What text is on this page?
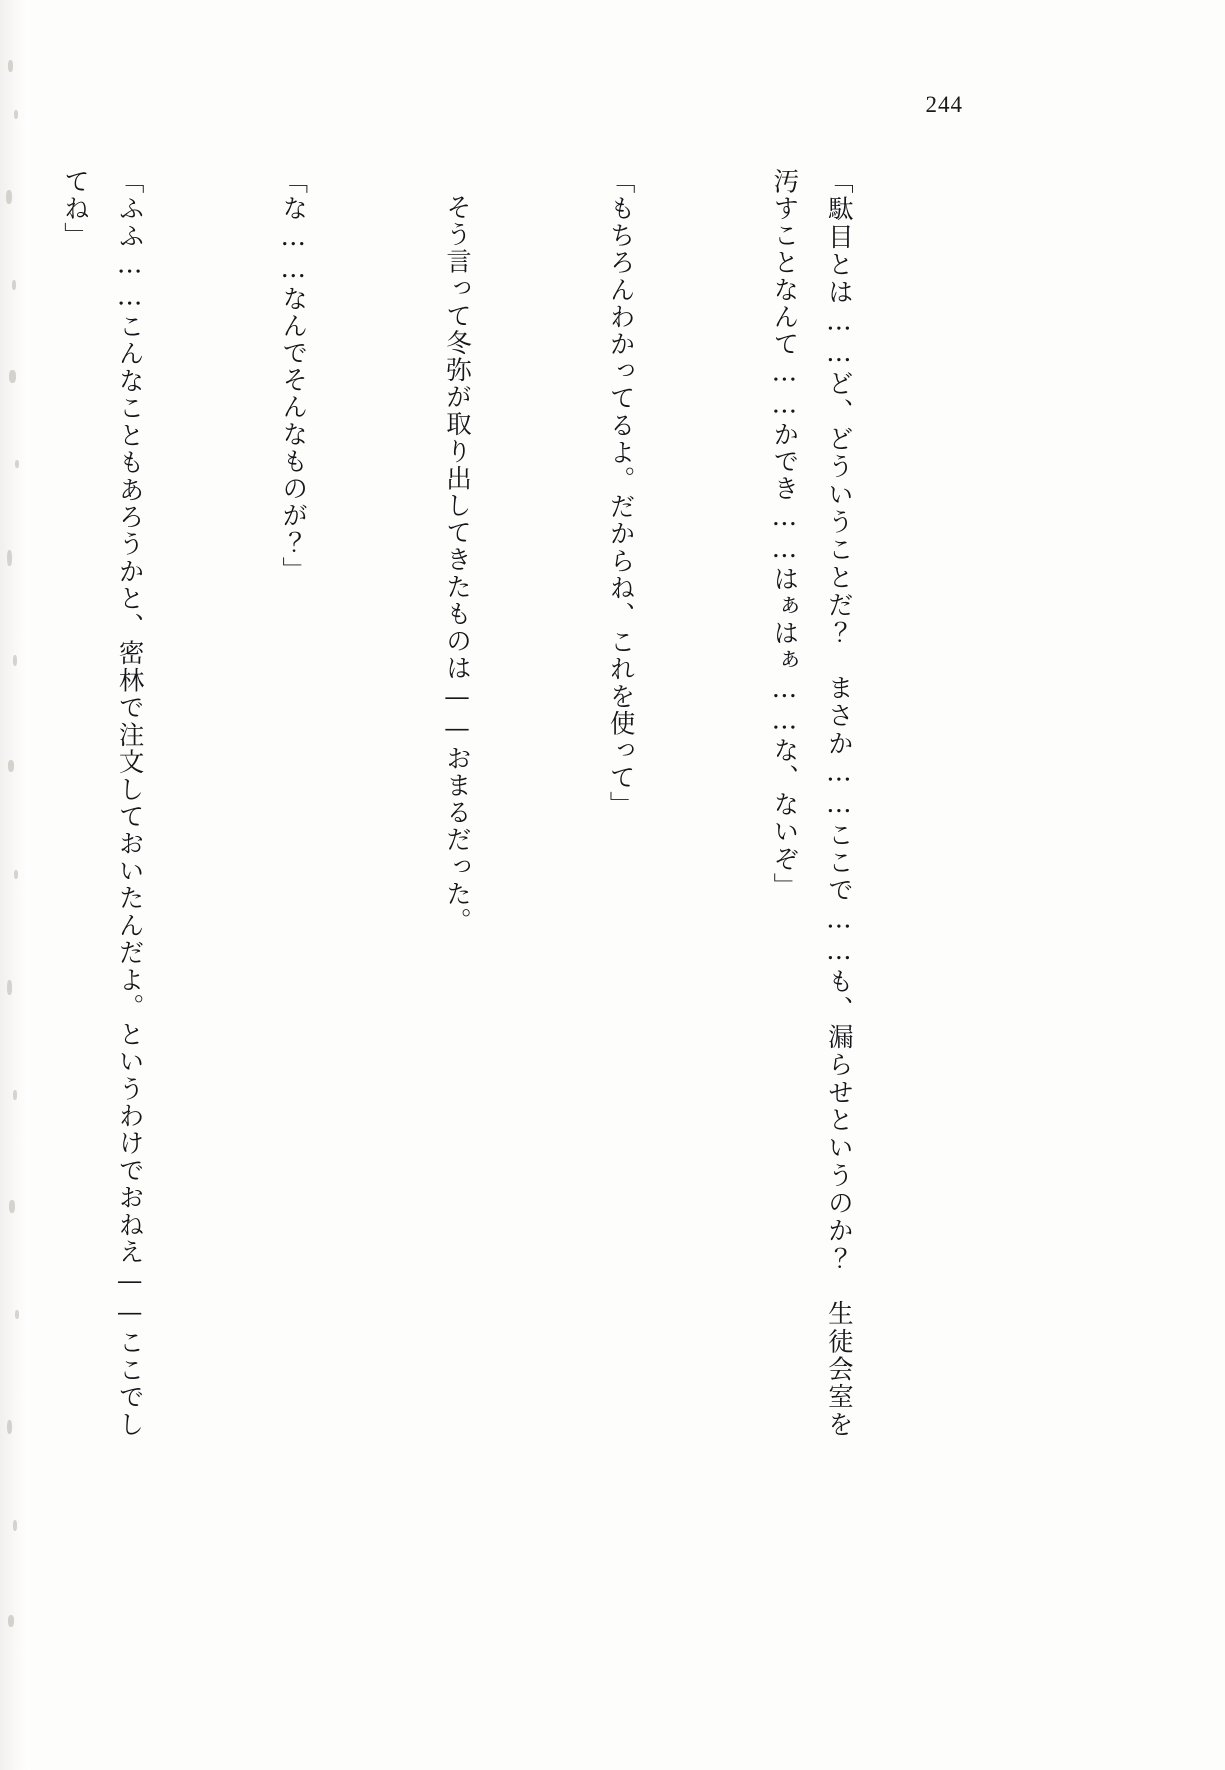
244

「駄目とは……ど、どういうことだ？　まさか……ここで……も、漏らせというのか？　生徒会室を汚すことなんて……かでき……はぁはぁ……な、ないぞ」

「もちろんわかってるよ。だからね、これを使って」

そう言って冬弥が取り出してきたものは——おまるだった。

「な……なんでそんなものが？」

「ふふ……こんなこともあろうかと、密林で注文しておいたんだよ。というわけでおねえ——ここでしてね」
